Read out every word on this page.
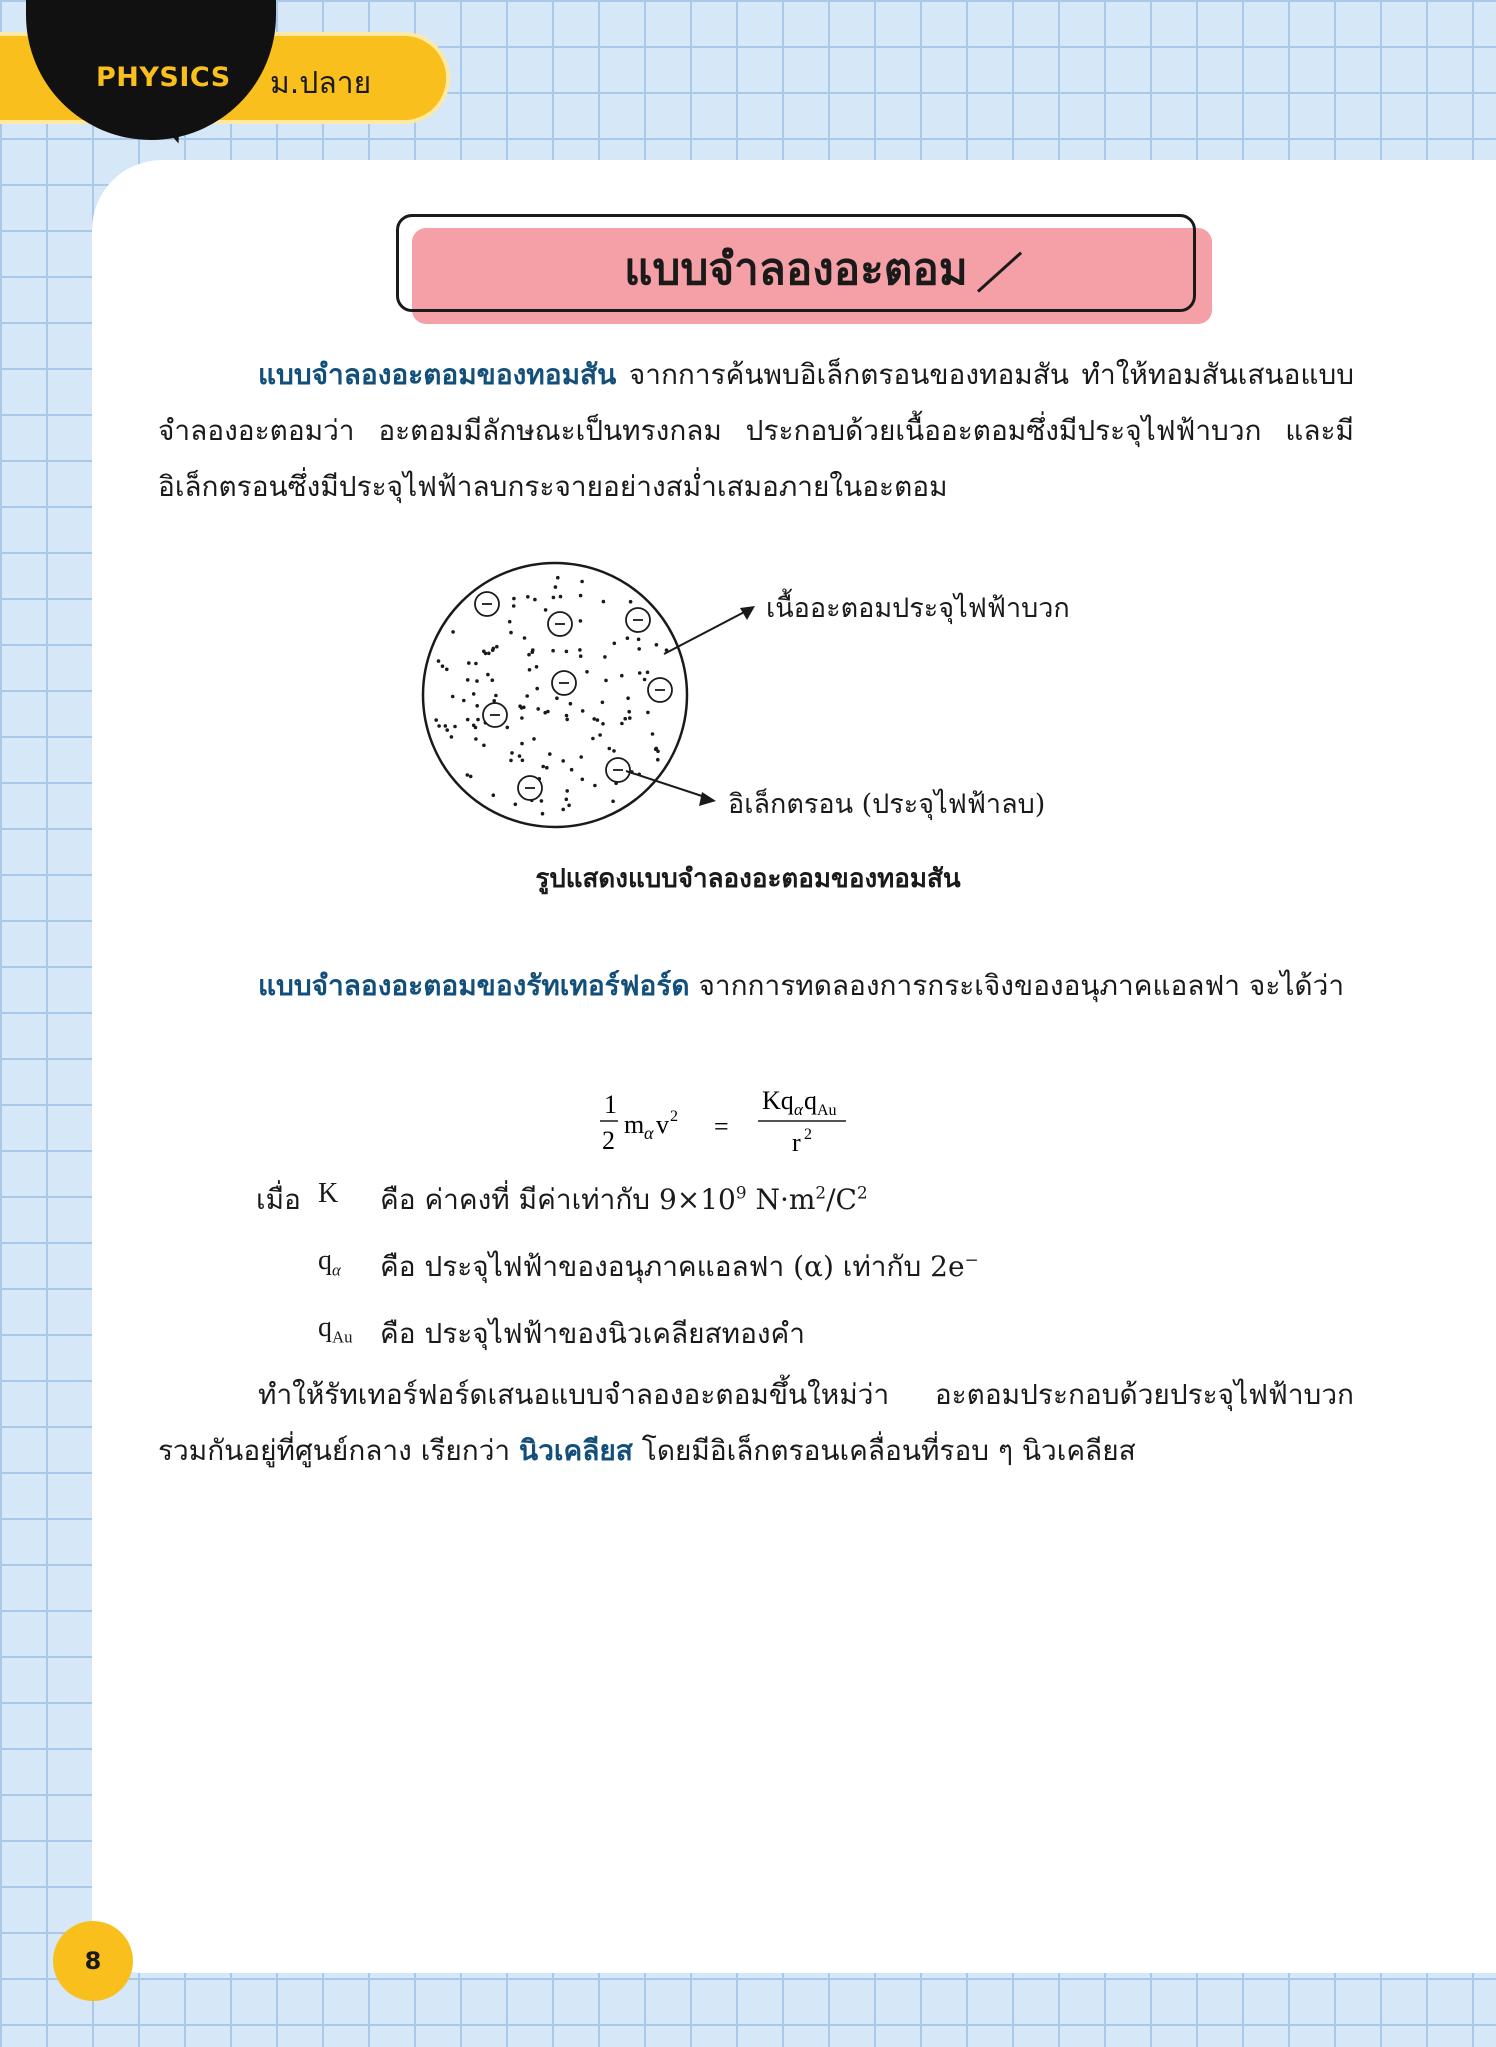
PHYSICS ม.ปลาย
แบบจำลองอะตอม
แบบจำลองอะตอมของทอมสัน จากการค้นพบอิเล็กตรอนของทอมสัน ทำให้ทอมสันเสนอแบบจำลองอะตอมว่า อะตอมมีลักษณะเป็นทรงกลม ประกอบด้วยเนื้ออะตอมซึ่งมีประจุไฟฟ้าบวก และมีอิเล็กตรอนซึ่งมีประจุไฟฟ้าลบกระจายอย่างสม่ำเสมอภายในอะตอม
เนื้ออะตอมประจุไฟฟ้าบวก
อิเล็กตรอน (ประจุไฟฟ้าลบ)
รูปแสดงแบบจำลองอะตอมของทอมสัน
แบบจำลองอะตอมของรัทเทอร์ฟอร์ด จากการทดลองการกระเจิงของอนุภาคแอลฟา จะได้ว่า
1
2
m α v 2 =
Kq α q Au
r 2
เมื่อ K คือ ค่าคงที่ มีค่าเท่ากับ $9\times 10^9$ $N\cdot m^2/C^2$
$q_\alpha$ คือ ประจุไฟฟ้าของอนุภาคแอลฟา (α) เท่ากับ 2e−
$q_{Au}$ คือ ประจุไฟฟ้าของนิวเคลียสทองคำ
ทำให้รัทเทอร์ฟอร์ดเสนอแบบจำลองอะตอมขึ้นใหม่ว่า อะตอมประกอบด้วยประจุไฟฟ้าบวกรวมกันอยู่ที่ศูนย์กลาง เรียกว่า นิวเคลียส โดยมีอิเล็กตรอนเคลื่อนที่รอบ ๆ นิวเคลียส
8
